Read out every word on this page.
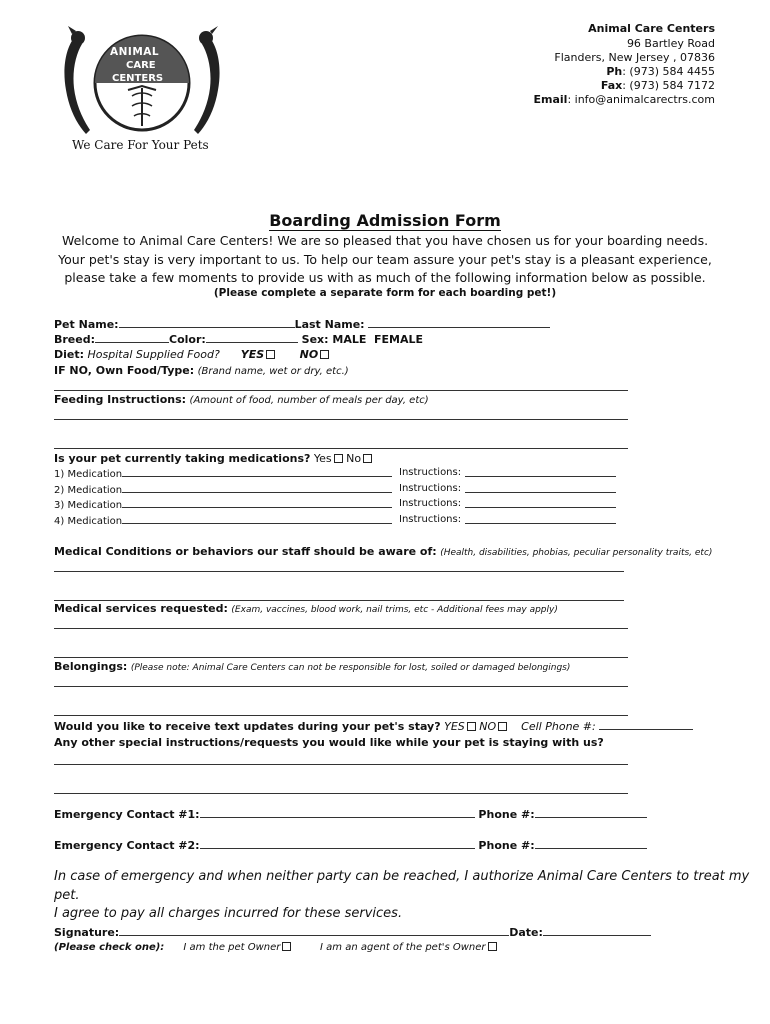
ANIMAL
CARE
CENTERS
We Care For Your Pets
Animal Care Centers
96 Bartley Road
Flanders, New Jersey , 07836
Ph: (973) 584 4455
Fax: (973) 584 7172
Email: info@animalcarectrs.com
Boarding Admission Form
Welcome to Animal Care Centers! We are so pleased that you have chosen us for your boarding needs. Your pet's stay is very important to us. To help our team assure your pet's stay is a pleasant experience, please take a few moments to provide us with as much of the following information below as possible.
(Please complete a separate form for each boarding pet!)
Pet Name:	Last Name:
Breed:	Color:	Sex: MALE FEMALE
Diet: Hospital Supplied Food? YES	NO
IF NO, Own Food/Type: (Brand name, wet or dry, etc.)
Feeding Instructions: (Amount of food, number of meals per day, etc)
Is your pet currently taking medications? Yes No
1) Medication	Instructions:
2) Medication	Instructions:
3) Medication	Instructions:
4) Medication	Instructions:
Medical Conditions or behaviors our staff should be aware of: (Health, disabilities, phobias, peculiar personality traits, etc)
Medical services requested: (Exam, vaccines, blood work, nail trims, etc - Additional fees may apply)
Belongings: (Please note: Animal Care Centers can not be responsible for lost, soiled or damaged belongings)
Would you like to receive text updates during your pet's stay? YES NO Cell Phone #:
Any other special instructions/requests you would like while your pet is staying with us?
Emergency Contact #1:	Phone #:
Emergency Contact #2:	Phone #:
In case of emergency and when neither party can be reached, I authorize Animal Care Centers to treat my pet.
I agree to pay all charges incurred for these services.
Signature:	Date:
(Please check one): I am the pet Owner	I am an agent of the pet's Owner
